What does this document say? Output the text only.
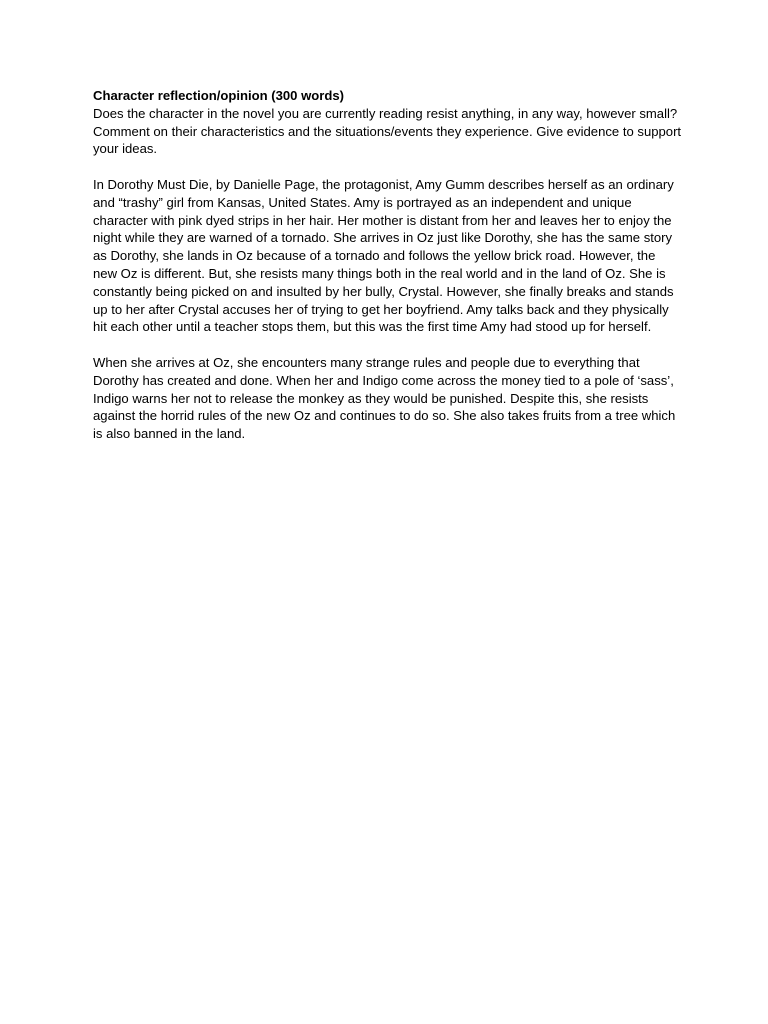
Character reflection/opinion (300 words)
Does the character in the novel you are currently reading resist anything, in any way, however small? Comment on their characteristics and the situations/events they experience. Give evidence to support your ideas.

In Dorothy Must Die, by Danielle Page, the protagonist, Amy Gumm describes herself as an ordinary and “trashy” girl from Kansas, United States. Amy is portrayed as an independent and unique character with pink dyed strips in her hair. Her mother is distant from her and leaves her to enjoy the night while they are warned of a tornado. She arrives in Oz just like Dorothy, she has the same story as Dorothy, she lands in Oz because of a tornado and follows the yellow brick road. However, the new Oz is different. But, she resists many things both in the real world and in the land of Oz. She is constantly being picked on and insulted by her bully, Crystal. However, she finally breaks and stands up to her after Crystal accuses her of trying to get her boyfriend. Amy talks back and they physically hit each other until a teacher stops them, but this was the first time Amy had stood up for herself.

When she arrives at Oz, she encounters many strange rules and people due to everything that Dorothy has created and done. When her and Indigo come across the money tied to a pole of ‘sass’, Indigo warns her not to release the monkey as they would be punished. Despite this, she resists against the horrid rules of the new Oz and continues to do so. She also takes fruits from a tree which is also banned in the land.
